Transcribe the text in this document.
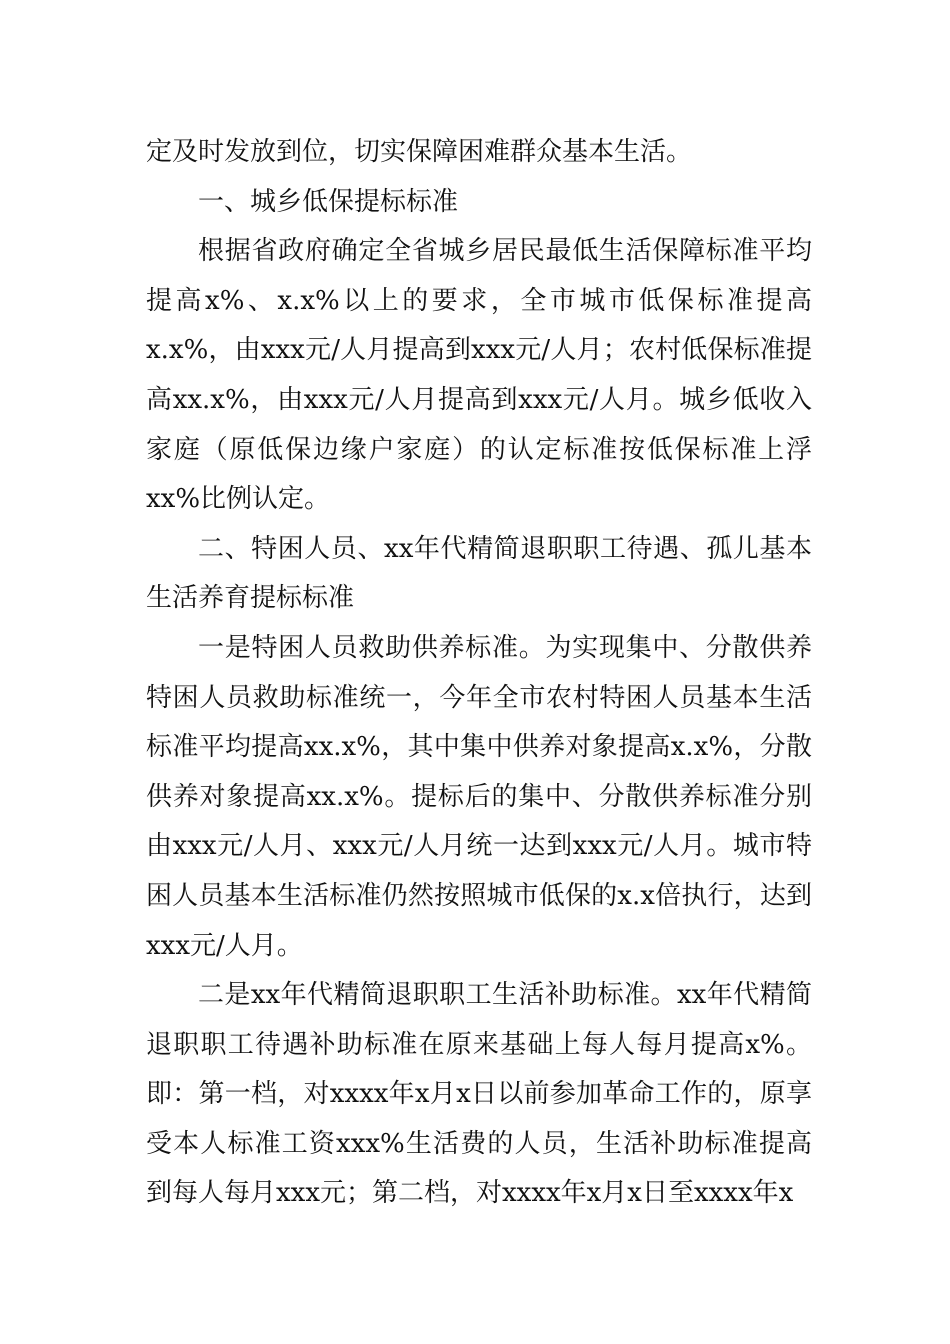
定及时发放到位，切实保障困难群众基本生活。

一、城乡低保提标标准

根据省政府确定全省城乡居民最低生活保障标准平均提高x%、x.x%以上的要求，全市城市低保标准提高x.x%，由xxx元/人月提高到xxx元/人月；农村低保标准提高xx.x%，由xxx元/人月提高到xxx元/人月。城乡低收入家庭（原低保边缘户家庭）的认定标准按低保标准上浮xx%比例认定。

二、特困人员、xx年代精简退职职工待遇、孤儿基本生活养育提标标准

一是特困人员救助供养标准。为实现集中、分散供养特困人员救助标准统一，今年全市农村特困人员基本生活标准平均提高xx.x%，其中集中供养对象提高x.x%，分散供养对象提高xx.x%。提标后的集中、分散供养标准分别由xxx元/人月、xxx元/人月统一达到xxx元/人月。城市特困人员基本生活标准仍然按照城市低保的x.x倍执行，达到xxx元/人月。

二是xx年代精简退职职工生活补助标准。xx年代精简退职职工待遇补助标准在原来基础上每人每月提高x%。即：第一档，对xxxx年x月x日以前参加革命工作的，原享受本人标准工资xxx%生活费的人员，生活补助标准提高到每人每月xxx元；第二档，对xxxx年x月x日至xxxx年x
